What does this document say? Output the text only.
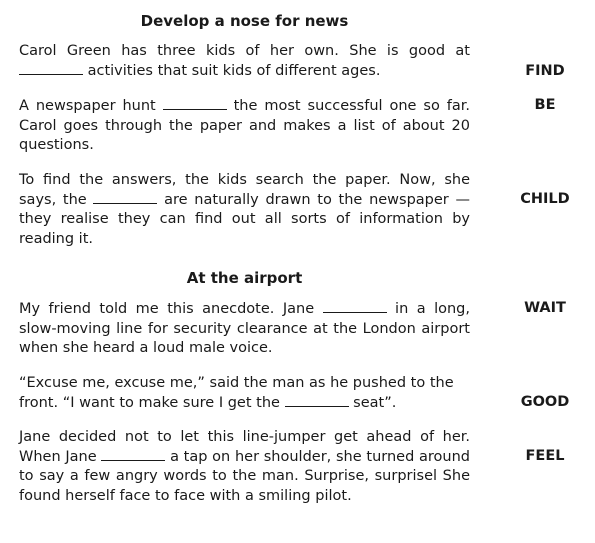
Develop a nose for news
Carol Green has three kids of her own. She is good at  activities that suit kids of different ages.	FIND
A newspaper hunt	the most successful one so far. Carol goes through the paper and makes a list of about 20 questions.
BE
To find the answers, the kids search the paper. Now, she says, the	are naturally drawn to the newspaper — they realise they can find out all sorts of information by reading it.
CHILD
At the airport
My friend told me this anecdote. Jane	in a long, slow-moving line for security clearance at the London airport when she heard a loud male voice.
WAIT
“Excuse me, excuse me,” said the man as he pushed to the front. “I want to make sure I get the	seat”.	GOOD
Jane decided not to let this line-jumper get ahead of her. When Jane	a tap on her shoulder, she turned around to say a few angry words to the man. Surprise, surprisel She found herself face to face with a smiling pilot.
FEEL
